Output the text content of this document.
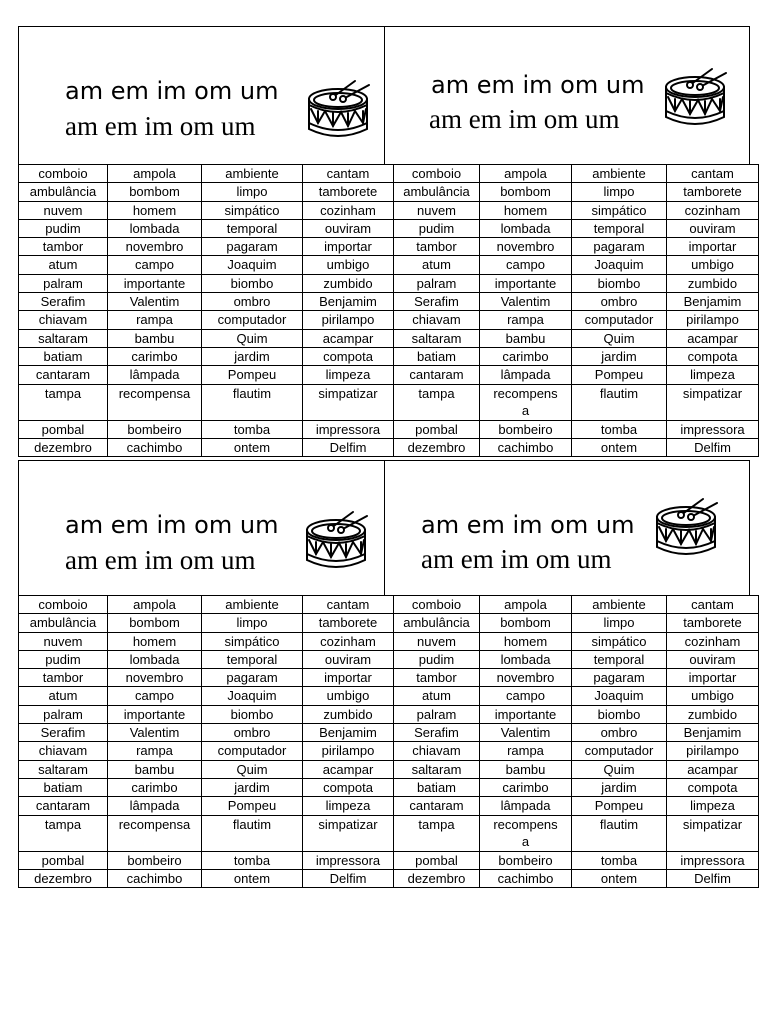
am em im om um
am em im om um
am em im om um
am em im om um
comboio	ampola	ambiente	cantam	comboio	ampola	ambiente	cantam
ambulância	bombom	limpo	tamborete	ambulância	bombom	limpo	tamborete
nuvem	homem	simpático	cozinham	nuvem	homem	simpático	cozinham
pudim	lombada	temporal	ouviram	pudim	lombada	temporal	ouviram
tambor	novembro	pagaram	importar	tambor	novembro	pagaram	importar
atum	campo	Joaquim	umbigo	atum	campo	Joaquim	umbigo
palram	importante	biombo	zumbido	palram	importante	biombo	zumbido
Serafim	Valentim	ombro	Benjamim	Serafim	Valentim	ombro	Benjamim
chiavam	rampa	computador	pirilampo	chiavam	rampa	computador	pirilampo
saltaram	bambu	Quim	acampar	saltaram	bambu	Quim	acampar
batiam	carimbo	jardim	compota	batiam	carimbo	jardim	compota
cantaram	lâmpada	Pompeu	limpeza	cantaram	lâmpada	Pompeu	limpeza
tampa	recompensa	flautim	simpatizar	tampa	recompensa	flautim	simpatizar
pombal	bombeiro	tomba	impressora	pombal	bombeiro	tomba	impressora
dezembro	cachimbo	ontem	Delfim	dezembro	cachimbo	ontem	Delfim
am em im om um
am em im om um
am em im om um
am em im om um
comboio	ampola	ambiente	cantam	comboio	ampola	ambiente	cantam
ambulância	bombom	limpo	tamborete	ambulância	bombom	limpo	tamborete
nuvem	homem	simpático	cozinham	nuvem	homem	simpático	cozinham
pudim	lombada	temporal	ouviram	pudim	lombada	temporal	ouviram
tambor	novembro	pagaram	importar	tambor	novembro	pagaram	importar
atum	campo	Joaquim	umbigo	atum	campo	Joaquim	umbigo
palram	importante	biombo	zumbido	palram	importante	biombo	zumbido
Serafim	Valentim	ombro	Benjamim	Serafim	Valentim	ombro	Benjamim
chiavam	rampa	computador	pirilampo	chiavam	rampa	computador	pirilampo
saltaram	bambu	Quim	acampar	saltaram	bambu	Quim	acampar
batiam	carimbo	jardim	compota	batiam	carimbo	jardim	compota
cantaram	lâmpada	Pompeu	limpeza	cantaram	lâmpada	Pompeu	limpeza
tampa	recompensa	flautim	simpatizar	tampa	recompensa	flautim	simpatizar
pombal	bombeiro	tomba	impressora	pombal	bombeiro	tomba	impressora
dezembro	cachimbo	ontem	Delfim	dezembro	cachimbo	ontem	Delfim
